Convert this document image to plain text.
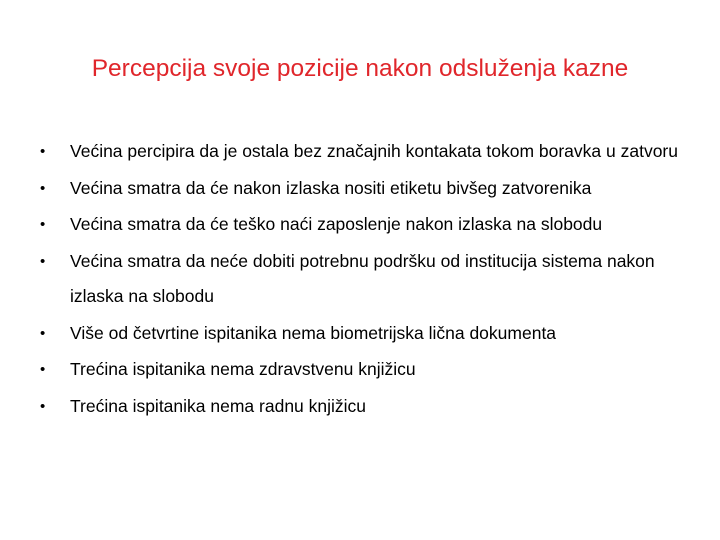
Percepcija svoje pozicije nakon odsluženja kazne
•	Većina percipira da je ostala bez značajnih kontakata tokom boravka u zatvoru
•	Većina smatra da će nakon izlaska nositi etiketu bivšeg zatvorenika
•	Većina smatra da će teško naći zaposlenje nakon izlaska na slobodu
•	Većina smatra da neće dobiti potrebnu podršku od institucija sistema nakon izlaska na slobodu
•	Više od četvrtine ispitanika nema biometrijska lična dokumenta
•	Trećina ispitanika nema zdravstvenu knjižicu
•	Trećina ispitanika nema radnu knjižicu
